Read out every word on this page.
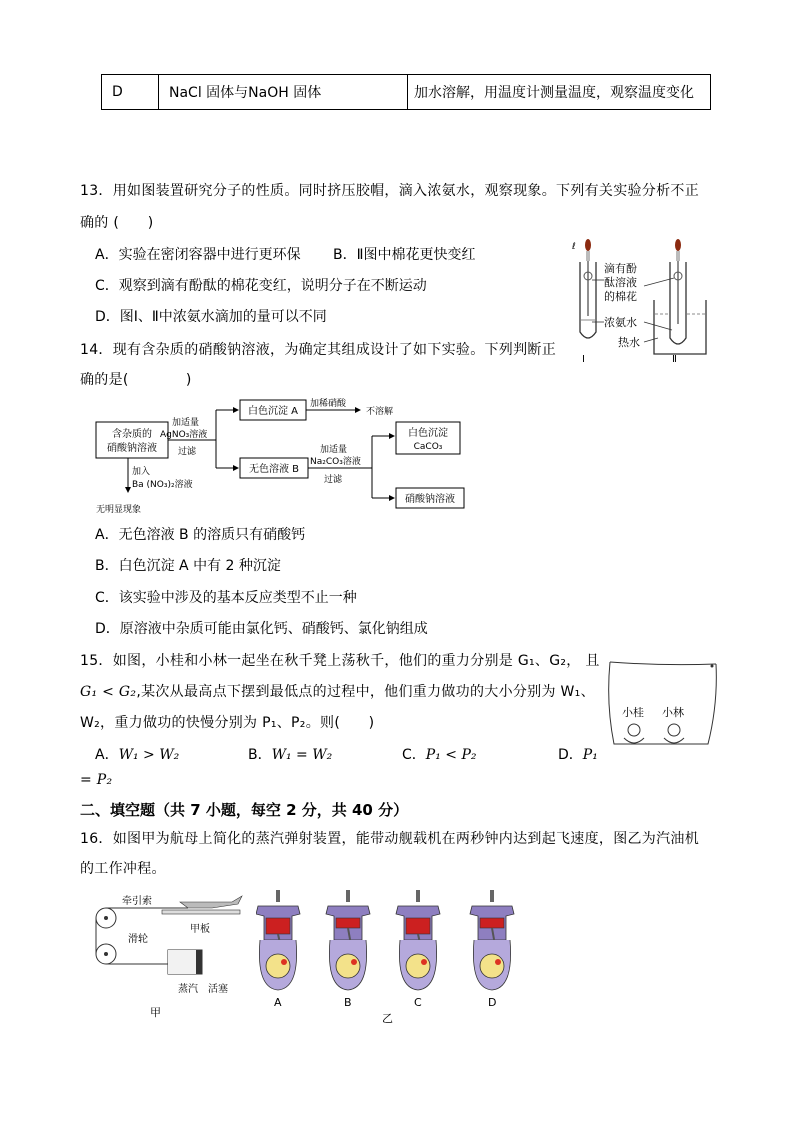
D	NaCl 固体与NaOH 固体	加水溶解，用温度计测量温度，观察温度变化
13．用如图装置研究分子的性质。同时挤压胶帽，滴入浓氨水，观察现象。下列有关实验分析不正
确的 (　　)
A．实验在密闭容器中进行更环保 B．Ⅱ图中棉花更快变红
C．观察到滴有酚酞的棉花变红，说明分子在不断运动
D．图Ⅰ、Ⅱ中浓氨水滴加的量可以不同
ℓ
滴有酚
酞溶液
的棉花
浓氨水
热水
Ⅰ	Ⅱ
14．现有含杂质的硝酸钠溶液，为确定其组成设计了如下实验。下列判断正
确的是(　　　　)
含杂质的
硝酸钠溶液
加适量
AgNO₃溶液
过滤
白色沉淀 A
加稀硝酸
不溶解
无色溶液 B
加适量
Na₂CO₃溶液
过滤
白色沉淀
CaCO₃
硝酸钠溶液
加入
Ba (NO₃)₂溶液
无明显现象
A．无色溶液 B 的溶质只有硝酸钙
B．白色沉淀 A 中有 2 种沉淀
C．该实验中涉及的基本反应类型不止一种
D．原溶液中杂质可能由氯化钙、硝酸钙、氯化钠组成
15．如图，小桂和小林一起坐在秋千凳上荡秋千，他们的重力分别是 G₁、G₂， 且
G₁ < G₂,某次从最高点下摆到最低点的过程中，他们重力做功的大小分别为 W₁、
W₂，重力做功的快慢分别为 P₁、P₂。则(　　)
A．W₁ > W₂	B．W₁ = W₂	C．P₁ < P₂	D．P₁
= P₂
小桂 小林
二、填空题（共 7 小题，每空 2 分，共 40 分）
16．如图甲为航母上简化的蒸汽弹射装置，能带动舰载机在两秒钟内达到起飞速度，图乙为汽油机
的工作冲程。
牵引索
甲板
滑轮
蒸汽 活塞
甲
A	B	C	D
乙
